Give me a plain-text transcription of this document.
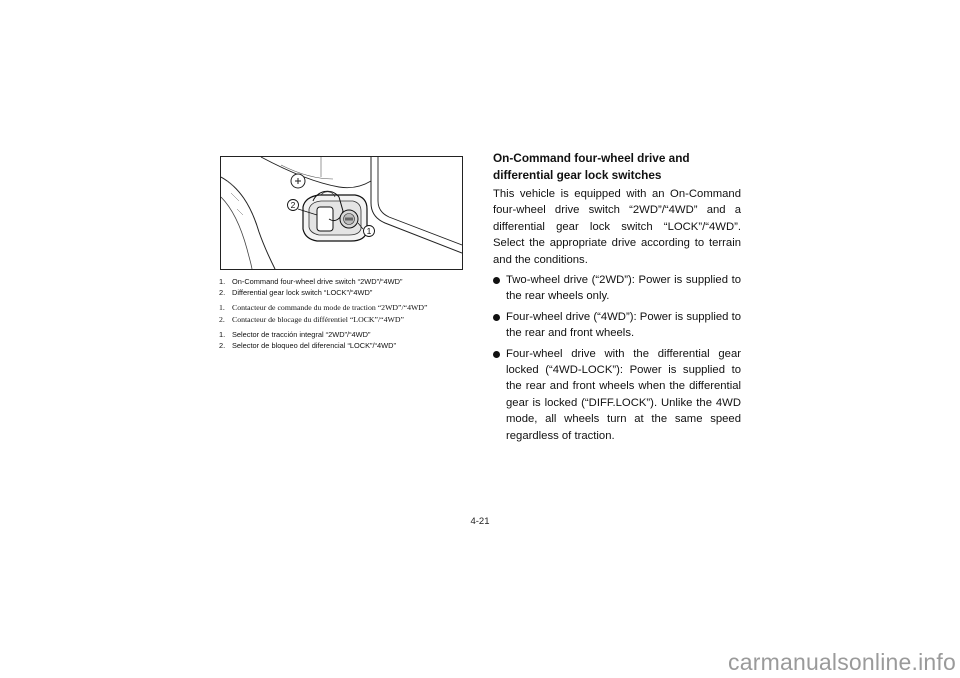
2
1
1. On-Command four-wheel drive switch “2WD”/“4WD”
2. Differential gear lock switch “LOCK”/“4WD”
1. Contacteur de commande du mode de traction “2WD”/“4WD”
2. Contacteur de blocage du différentiel “LOCK”/“4WD”
1. Selector de tracción integral “2WD”/“4WD”
2. Selector de bloqueo del diferencial “LOCK”/“4WD”
On-Command four-wheel drive and differential gear lock switches

This vehicle is equipped with an On-Command four-wheel drive switch “2WD”/“4WD” and a differential gear lock switch “LOCK”/“4WD”. Select the appropriate drive according to terrain and the conditions.

Two-wheel drive (“2WD”): Power is supplied to the rear wheels only.
Four-wheel drive (“4WD”): Power is supplied to the rear and front wheels.
Four-wheel drive with the differential gear locked (“4WD-LOCK”): Power is supplied to the rear and front wheels when the differential gear is locked (“DIFF.LOCK”). Unlike the 4WD mode, all wheels turn at the same speed regardless of traction.
4-21
carmanualsonline.info
